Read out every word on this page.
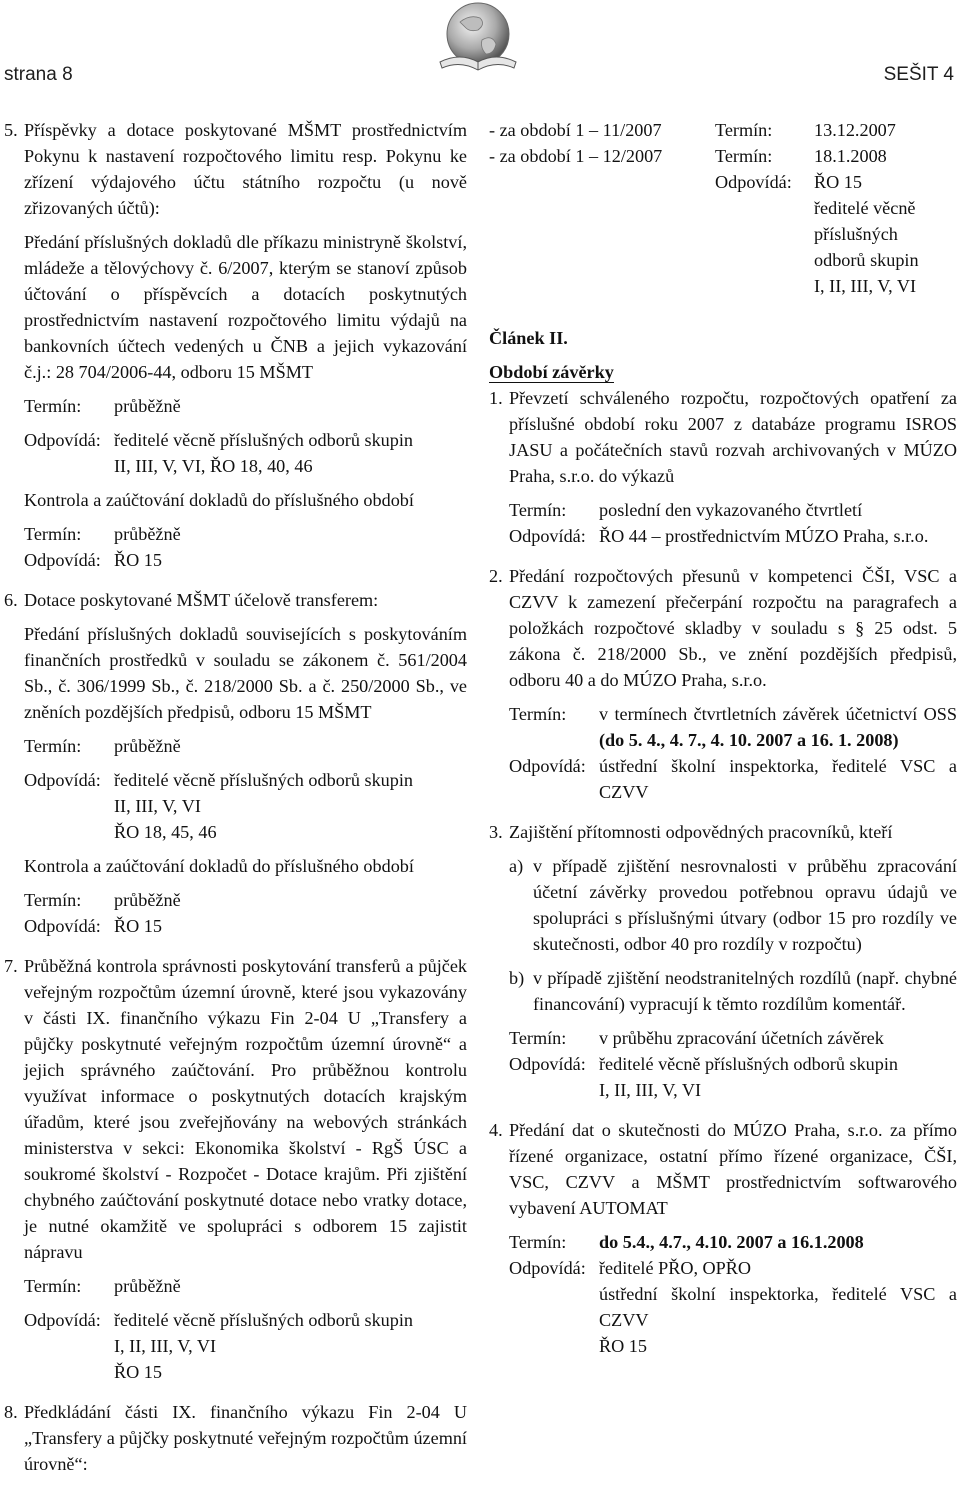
strana 8	SEŠIT 4
5. Příspěvky a dotace poskytované MŠMT prostřednictvím Pokynu k nastavení rozpočtového limitu resp. Pokynu ke zřízení výdajového účtu státního rozpočtu (u nově zřizovaných účtů):
Předání příslušných dokladů dle příkazu ministryně školství, mládeže a tělovýchovy č. 6/2007, kterým se stanoví způsob účtování o příspěvcích a dotacích poskytnutých prostřednictvím nastavení rozpočtového limitu výdajů na bankovních účtech vedených u ČNB a jejich vykazování č.j.: 28 704/2006-44, odboru 15 MŠMT
Termín:	průběžně
Odpovídá: ředitelé věcně příslušných odborů skupin
II, III, V, VI, ŘO 18, 40, 46
Kontrola a zaúčtování dokladů do příslušného období
Termín:	průběžně
Odpovídá: ŘO 15
6. Dotace poskytované MŠMT účelově transferem:
Předání příslušných dokladů souvisejících s poskytováním finančních prostředků v souladu se zákonem č. 561/2004 Sb., č. 306/1999 Sb., č. 218/2000 Sb. a č. 250/2000 Sb., ve zněních pozdějších předpisů, odboru 15 MŠMT
Termín:	průběžně
Odpovídá: ředitelé věcně příslušných odborů skupin
II, III, V, VI
ŘO 18, 45, 46
Kontrola a zaúčtování dokladů do příslušného období
Termín:	průběžně
Odpovídá: ŘO 15
7. Průběžná kontrola správnosti poskytování transferů a půjček veřejným rozpočtům územní úrovně, které jsou vykazovány v části IX. finančního výkazu Fin 2-04 U „Transfery a půjčky poskytnuté veřejným rozpočtům územní úrovně“ a jejich správného zaúčtování. Pro průběžnou kontrolu využívat informace o poskytnutých dotacích krajským úřadům, které jsou zveřejňovány na webových stránkách ministerstva v sekci: Ekonomika školství - RgŠ ÚSC a soukromé školství - Rozpočet - Dotace krajům. Při zjištění chybného zaúčtování poskytnuté dotace nebo vratky dotace, je nutné okamžitě ve spolupráci s odborem 15 zajistit nápravu
Termín:	průběžně
Odpovídá: ředitelé věcně příslušných odborů skupin
I, II, III, V, VI
ŘO 15
8. Předkládání části IX. finančního výkazu Fin 2-04 U „Transfery a půjčky poskytnuté veřejným rozpočtům územní úrovně“:
- za období 1 – 11/2007	Termín:	13.12.2007
- za období 1 – 12/2007	Termín:	18.1.2008
Odpovídá:	ŘO 15
ředitelé věcně
příslušných
odborů skupin
I, II, III, V, VI
Článek II.
Období závěrky
1. Převzetí schváleného rozpočtu, rozpočtových opatření za příslušné období roku 2007 z databáze programu ISROS JASU a počátečních stavů rozvah archivovaných v MÚZO Praha, s.r.o. do výkazů
Termín:	poslední den vykazovaného čtvrtletí
Odpovídá: ŘO 44 – prostřednictvím MÚZO Praha, s.r.o.
2. Předání rozpočtových přesunů v kompetenci ČŠI, VSC a CZVV k zamezení přečerpání rozpočtu na paragrafech a položkách rozpočtové skladby v souladu s § 25 odst. 5 zákona č. 218/2000 Sb., ve znění pozdějších předpisů, odboru 40 a do MÚZO Praha, s.r.o.
Termín:	v termínech čtvrtletních závěrek účetnictví OSS (do 5. 4., 4. 7., 4. 10. 2007 a 16. 1. 2008)
Odpovídá: ústřední školní inspektorka, ředitelé VSC a CZVV
3. Zajištění přítomnosti odpovědných pracovníků, kteří
a) v případě zjištění nesrovnalosti v průběhu zpracování účetní závěrky provedou potřebnou opravu údajů ve spolupráci s příslušnými útvary (odbor 15 pro rozdíly ve skutečnosti, odbor 40 pro rozdíly v rozpočtu)
b) v případě zjištění neodstranitelných rozdílů (např. chybné financování) vypracují k těmto rozdílům komentář.
Termín:	v průběhu zpracování účetních závěrek
Odpovídá: ředitelé věcně příslušných odborů skupin
I, II, III, V, VI
4. Předání dat o skutečnosti do MÚZO Praha, s.r.o. za přímo řízené organizace, ostatní přímo řízené organizace, ČŠI, VSC, CZVV a MŠMT prostřednictvím softwarového vybavení AUTOMAT
Termín:	do 5.4., 4.7., 4.10. 2007 a 16.1.2008
Odpovídá: ředitelé PŘO, OPŘO
ústřední školní inspektorka, ředitelé VSC a CZVV
ŘO 15
